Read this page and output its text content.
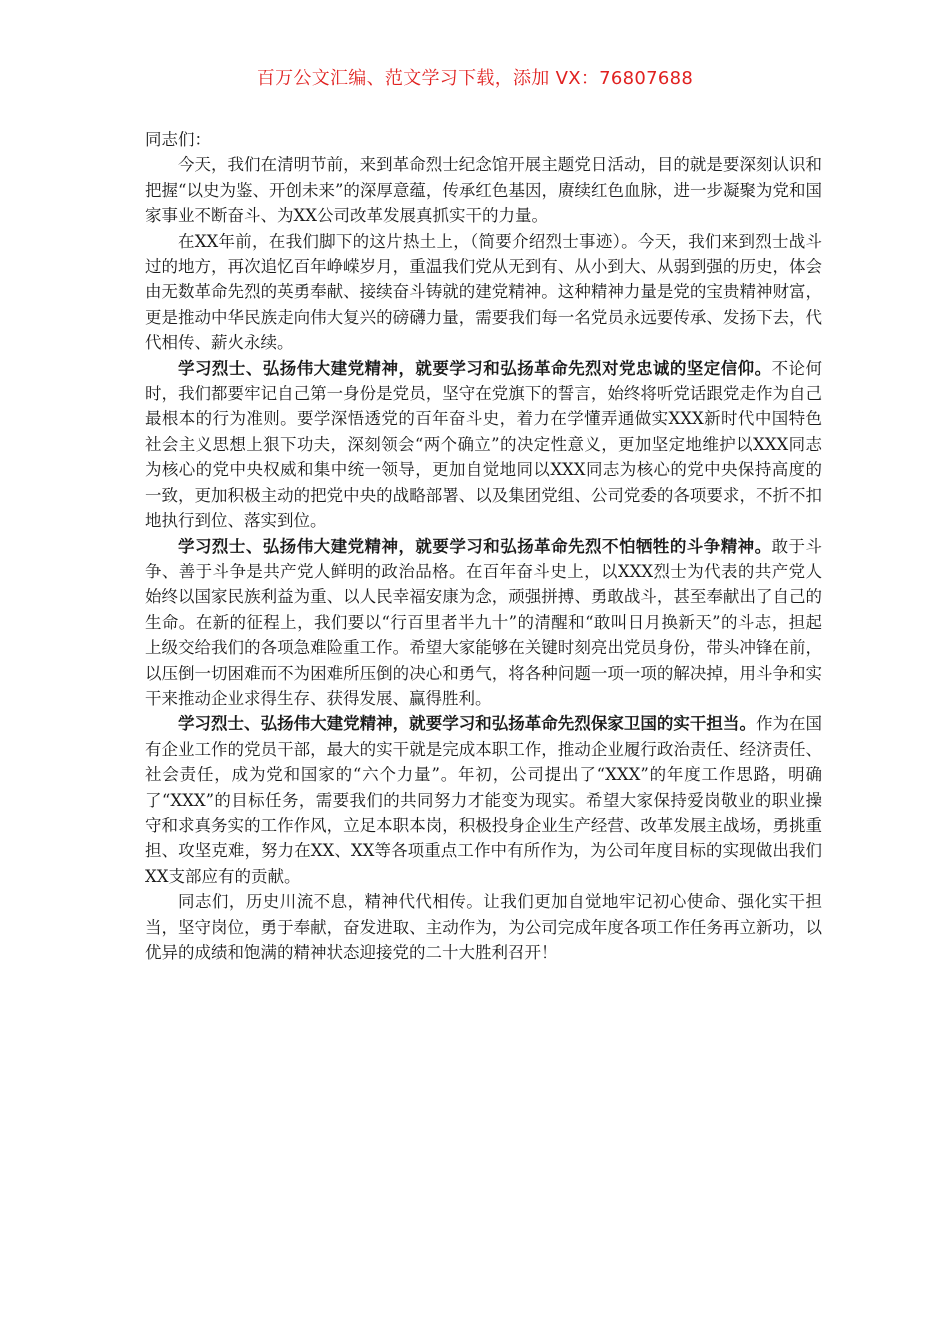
百万公文汇编、范文学习下载，添加 VX：76807688

同志们：

今天，我们在清明节前，来到革命烈士纪念馆开展主题党日活动，目的就是要深刻认识和把握“以史为鉴、开创未来”的深厚意蕴，传承红色基因，赓续红色血脉，进一步凝聚为党和国家事业不断奋斗、为XX公司改革发展真抓实干的力量。

在XX年前，在我们脚下的这片热土上，（简要介绍烈士事迹）。今天，我们来到烈士战斗过的地方，再次追忆百年峥嵘岁月，重温我们党从无到有、从小到大、从弱到强的历史，体会由无数革命先烈的英勇奉献、接续奋斗铸就的建党精神。这种精神力量是党的宝贵精神财富，更是推动中华民族走向伟大复兴的磅礴力量，需要我们每一名党员永远要传承、发扬下去，代代相传、薪火永续。

学习烈士、弘扬伟大建党精神，就要学习和弘扬革命先烈对党忠诚的坚定信仰。不论何时，我们都要牢记自己第一身份是党员，坚守在党旗下的誓言，始终将听党话跟党走作为自己最根本的行为准则。要学深悟透党的百年奋斗史，着力在学懂弄通做实XXX新时代中国特色社会主义思想上狠下功夫，深刻领会“两个确立”的决定性意义，更加坚定地维护以XXX同志为核心的党中央权威和集中统一领导，更加自觉地同以XXX同志为核心的党中央保持高度的一致，更加积极主动的把党中央的战略部署、以及集团党组、公司党委的各项要求，不折不扣地执行到位、落实到位。

学习烈士、弘扬伟大建党精神，就要学习和弘扬革命先烈不怕牺牲的斗争精神。敢于斗争、善于斗争是共产党人鲜明的政治品格。在百年奋斗史上，以XXX烈士为代表的共产党人始终以国家民族利益为重、以人民幸福安康为念，顽强拼搏、勇敢战斗，甚至奉献出了自己的生命。在新的征程上，我们要以“行百里者半九十”的清醒和“敢叫日月换新天”的斗志，担起上级交给我们的各项急难险重工作。希望大家能够在关键时刻亮出党员身份，带头冲锋在前，以压倒一切困难而不为困难所压倒的决心和勇气，将各种问题一项一项的解决掉，用斗争和实干来推动企业求得生存、获得发展、赢得胜利。

学习烈士、弘扬伟大建党精神，就要学习和弘扬革命先烈保家卫国的实干担当。作为在国有企业工作的党员干部，最大的实干就是完成本职工作，推动企业履行政治责任、经济责任、社会责任，成为党和国家的“六个力量”。年初，公司提出了“XXX”的年度工作思路，明确了“XXX”的目标任务，需要我们的共同努力才能变为现实。希望大家保持爱岗敬业的职业操守和求真务实的工作作风，立足本职本岗，积极投身企业生产经营、改革发展主战场，勇挑重担、攻坚克难，努力在XX、XX等各项重点工作中有所作为，为公司年度目标的实现做出我们XX支部应有的贡献。

同志们，历史川流不息，精神代代相传。让我们更加自觉地牢记初心使命、强化实干担当，坚守岗位，勇于奉献，奋发进取、主动作为，为公司完成年度各项工作任务再立新功，以优异的成绩和饱满的精神状态迎接党的二十大胜利召开！
